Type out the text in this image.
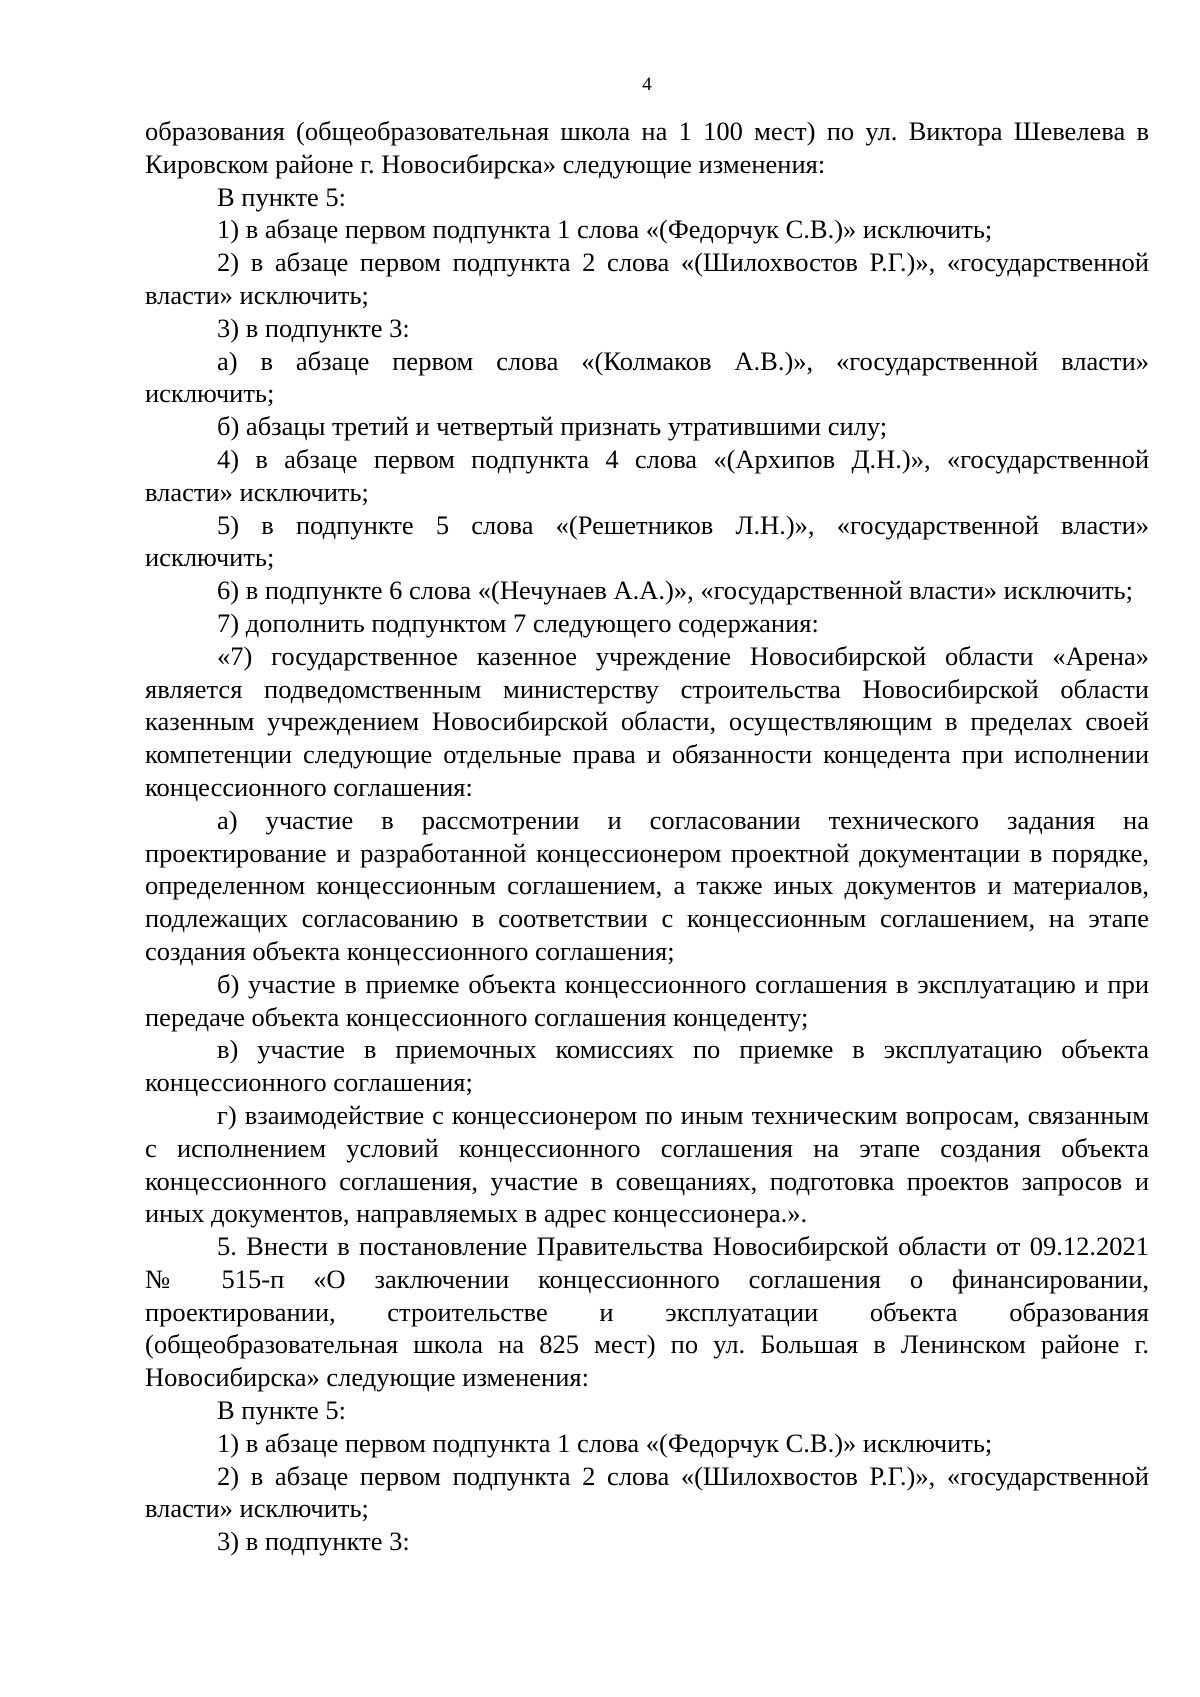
4

образования (общеобразовательная школа на 1 100 мест) по ул. Виктора Шевелева в Кировском районе г. Новосибирска» следующие изменения:

В пункте 5:

1) в абзаце первом подпункта 1 слова «(Федорчук С.В.)» исключить;

2) в абзаце первом подпункта 2 слова «(Шилохвостов Р.Г.)», «государственной власти» исключить;

3) в подпункте 3:

а) в абзаце первом слова «(Колмаков А.В.)», «государственной власти» исключить;

б) абзацы третий и четвертый признать утратившими силу;

4) в абзаце первом подпункта 4 слова «(Архипов Д.Н.)», «государственной власти» исключить;

5) в подпункте 5 слова «(Решетников Л.Н.)», «государственной власти» исключить;

6) в подпункте 6 слова «(Нечунаев А.А.)», «государственной власти» исключить;

7) дополнить подпунктом 7 следующего содержания:

«7) государственное казенное учреждение Новосибирской области «Арена» является подведомственным министерству строительства Новосибирской области казенным учреждением Новосибирской области, осуществляющим в пределах своей компетенции следующие отдельные права и обязанности концедента при исполнении концессионного соглашения:

а) участие в рассмотрении и согласовании технического задания на проектирование и разработанной концессионером проектной документации в порядке, определенном концессионным соглашением, а также иных документов и материалов, подлежащих согласованию в соответствии с концессионным соглашением, на этапе создания объекта концессионного соглашения;

б) участие в приемке объекта концессионного соглашения в эксплуатацию и при передаче объекта концессионного соглашения концеденту;

в) участие в приемочных комиссиях по приемке в эксплуатацию объекта концессионного соглашения;

г) взаимодействие с концессионером по иным техническим вопросам, связанным с исполнением условий концессионного соглашения на этапе создания объекта концессионного соглашения, участие в совещаниях, подготовка проектов запросов и иных документов, направляемых в адрес концессионера.».

5. Внести в постановление Правительства Новосибирской области от 09.12.2021 № 515-п «О заключении концессионного соглашения о финансировании, проектировании, строительстве и эксплуатации объекта образования (общеобразовательная школа на 825 мест) по ул. Большая в Ленинском районе г. Новосибирска» следующие изменения:

В пункте 5:

1) в абзаце первом подпункта 1 слова «(Федорчук С.В.)» исключить;

2) в абзаце первом подпункта 2 слова «(Шилохвостов Р.Г.)», «государственной власти» исключить;

3) в подпункте 3:
